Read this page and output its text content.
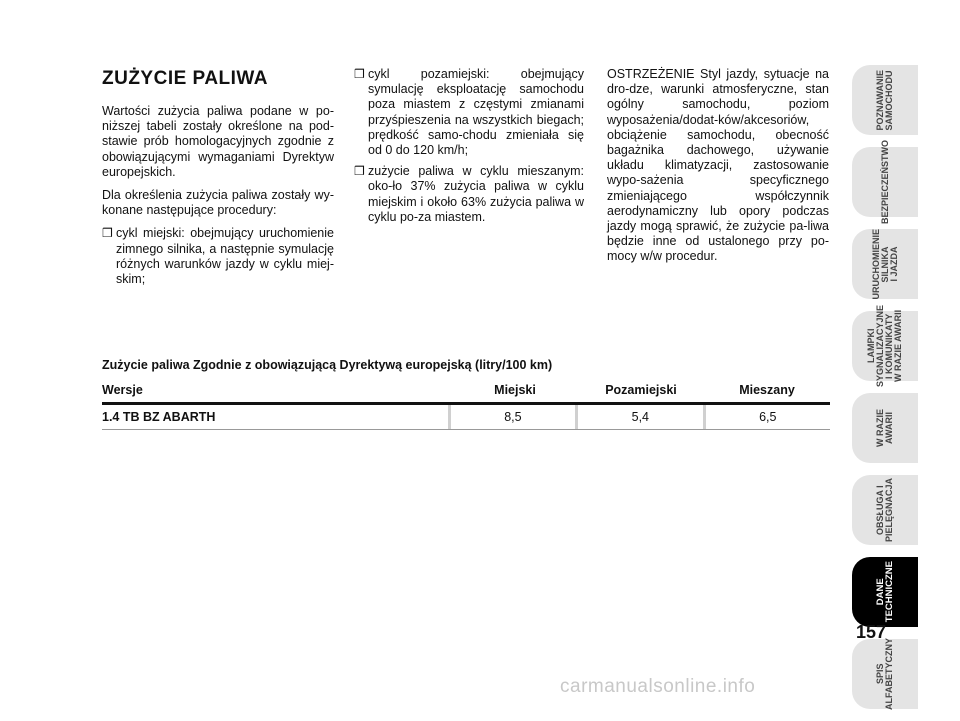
ZUŻYCIE PALIWA

Wartości zużycia paliwa podane w po-niższej tabeli zostały określone na pod-stawie prób homologacyjnych zgodnie z obowiązującymi wymaganiami Dyrektyw europejskich.

Dla określenia zużycia paliwa zostały wy-konane następujące procedury:

❒ cykl miejski: obejmujący uruchomienie zimnego silnika, a następnie symulację różnych warunków jazdy w cyklu miej-skim;
❒ cykl pozamiejski: obejmujący symulację eksploatację samochodu poza miastem z częstymi zmianami przyśpieszenia na wszystkich biegach; prędkość samo-chodu zmieniała się od 0 do 120 km/h;
❒ zużycie paliwa w cyklu mieszanym: oko-ło 37% zużycia paliwa w cyklu miejskim i około 63% zużycia paliwa w cyklu po-za miastem.

OSTRZEŻENIE Styl jazdy, sytuacje na dro-dze, warunki atmosferyczne, stan ogólny samochodu, poziom wyposażenia/dodat-ków/akcesoriów, obciążenie samochodu, obecność bagażnika dachowego, używanie układu klimatyzacji, zastosowanie wypo-sażenia specyficznego zmieniającego współczynnik aerodynamiczny lub opory podczas jazdy mogą sprawić, że zużycie pa-liwa będzie inne od ustalonego przy po-mocy w/w procedur.

Zużycie paliwa Zgodnie z obowiązującą Dyrektywą europejską (litry/100 km)
Wersje	Miejski	Pozamiejski	Mieszany
1.4 TB BZ ABARTH	8,5	5,4	6,5
POZNAWANIE
SAMOCHODU
BEZPIECZEŃSTWO
URUCHOMIENIE
SILNIKA
I JAZDA
LAMPKI
SYGNALIZACYJNE
I KOMUNIKATY
W RAZIE AWARII
W RAZIE
AWARII
OBSŁUGA I
PIELĘGNACJA
DANE
TECHNICZNE
SPIS
ALFABETYCZNY
157
carmanualsonline.info
